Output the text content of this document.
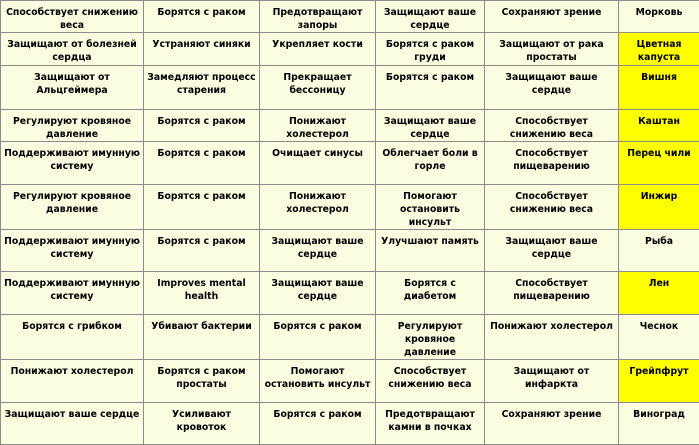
Способствует снижению веса	Борятся с раком	Предотвращают запоры	Защищают ваше сердце	Сохраняют зрение	Морковь
Защищают от болезней сердца	Устраняют синяки	Укрепляет кости	Борятся с раком груди	Защищают от рака простаты	Цветная капуста
Защищают от Альцгеймера	Замедляют процесс старения	Прекращает бессоницу	Борятся с раком	Защищают ваше сердце	Вишня
Регулируют кровяное давление	Борятся с раком	Понижают холестерол	Защищают ваше сердце	Способствует снижению веса	Каштан
Поддерживают имунную систему	Борятся с раком	Очищает синусы	Облегчает боли в горле	Способствует пищеварению	Перец чили
Регулируют кровяное давление	Борятся с раком	Понижают холестерол	Помогают остановить инсульт	Способствует снижению веса	Инжир
Поддерживают имунную систему	Борятся с раком	Защищают ваше сердце	Улучшают память	Защищают ваше сердце	Рыба
Поддерживают имунную систему	Improves mental health	Защищают ваше сердце	Борятся с диабетом	Способствует пищеварению	Лен
Борятся с грибком	Убивают бактерии	Борятся с раком	Регулируют кровяное давление	Понижают холестерол	Чеснок
Понижают холестерол	Борятся с раком простаты	Помогают остановить инсульт	Способствует снижению веса	Защищают от инфаркта	Грейпфрут
Защищают ваше сердце	Усиливают кровоток	Борятся с раком	Предотвращают камни в почках	Сохраняют зрение	Виноград
